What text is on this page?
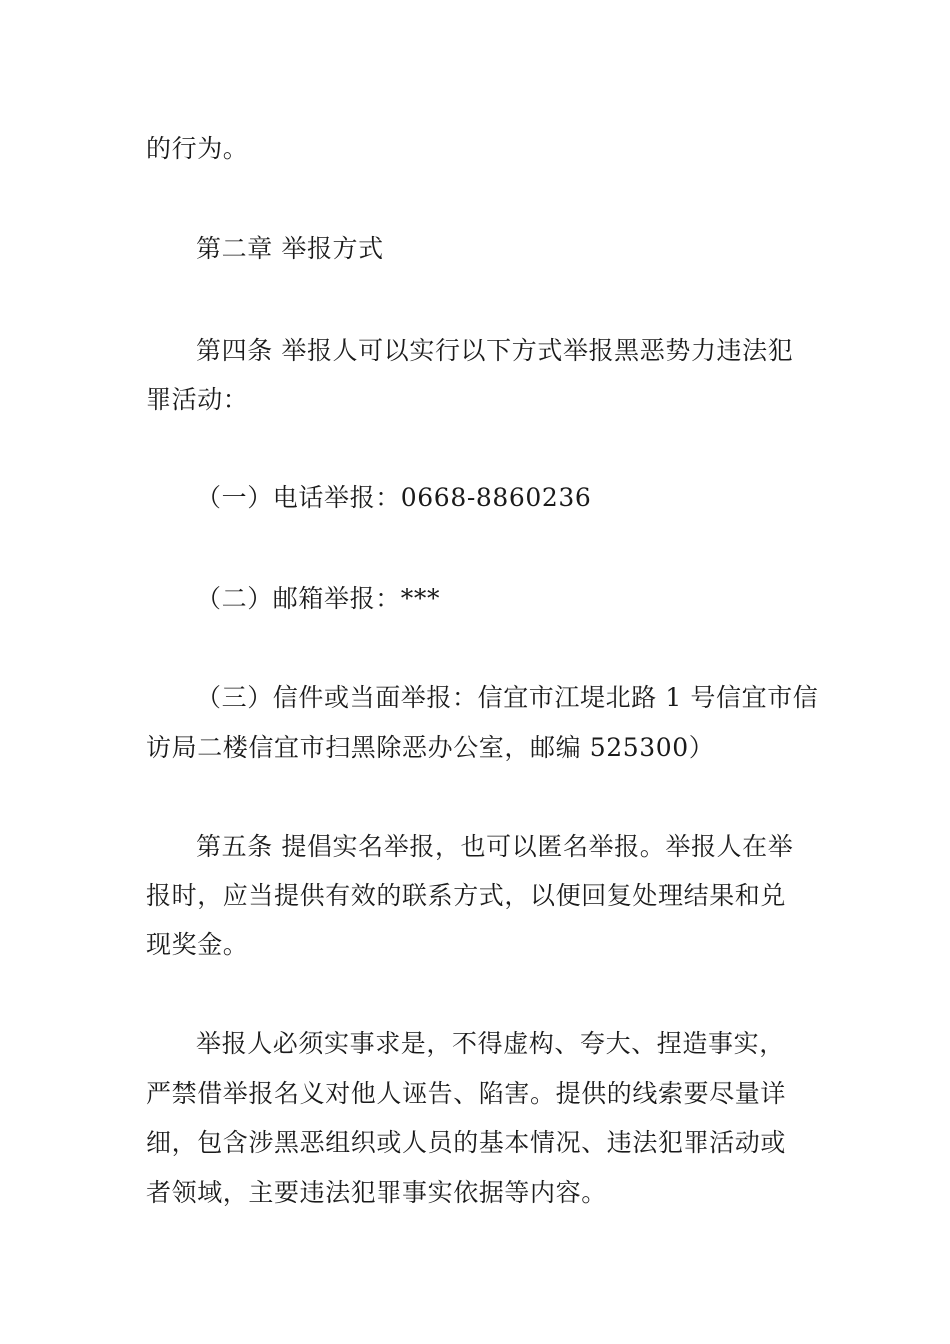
的行为。
第二章 举报方式
第四条 举报人可以实行以下方式举报黑恶势力违法犯
罪活动：
（一）电话举报：0668-8860236
（二）邮箱举报：***
（三）信件或当面举报：信宜市江堤北路 1 号信宜市信
访局二楼信宜市扫黑除恶办公室，邮编 525300）
第五条 提倡实名举报，也可以匿名举报。举报人在举
报时，应当提供有效的联系方式，以便回复处理结果和兑
现奖金。
举报人必须实事求是，不得虚构、夸大、捏造事实，
严禁借举报名义对他人诬告、陷害。提供的线索要尽量详
细，包含涉黑恶组织或人员的基本情况、违法犯罪活动或
者领域，主要违法犯罪事实依据等内容。
